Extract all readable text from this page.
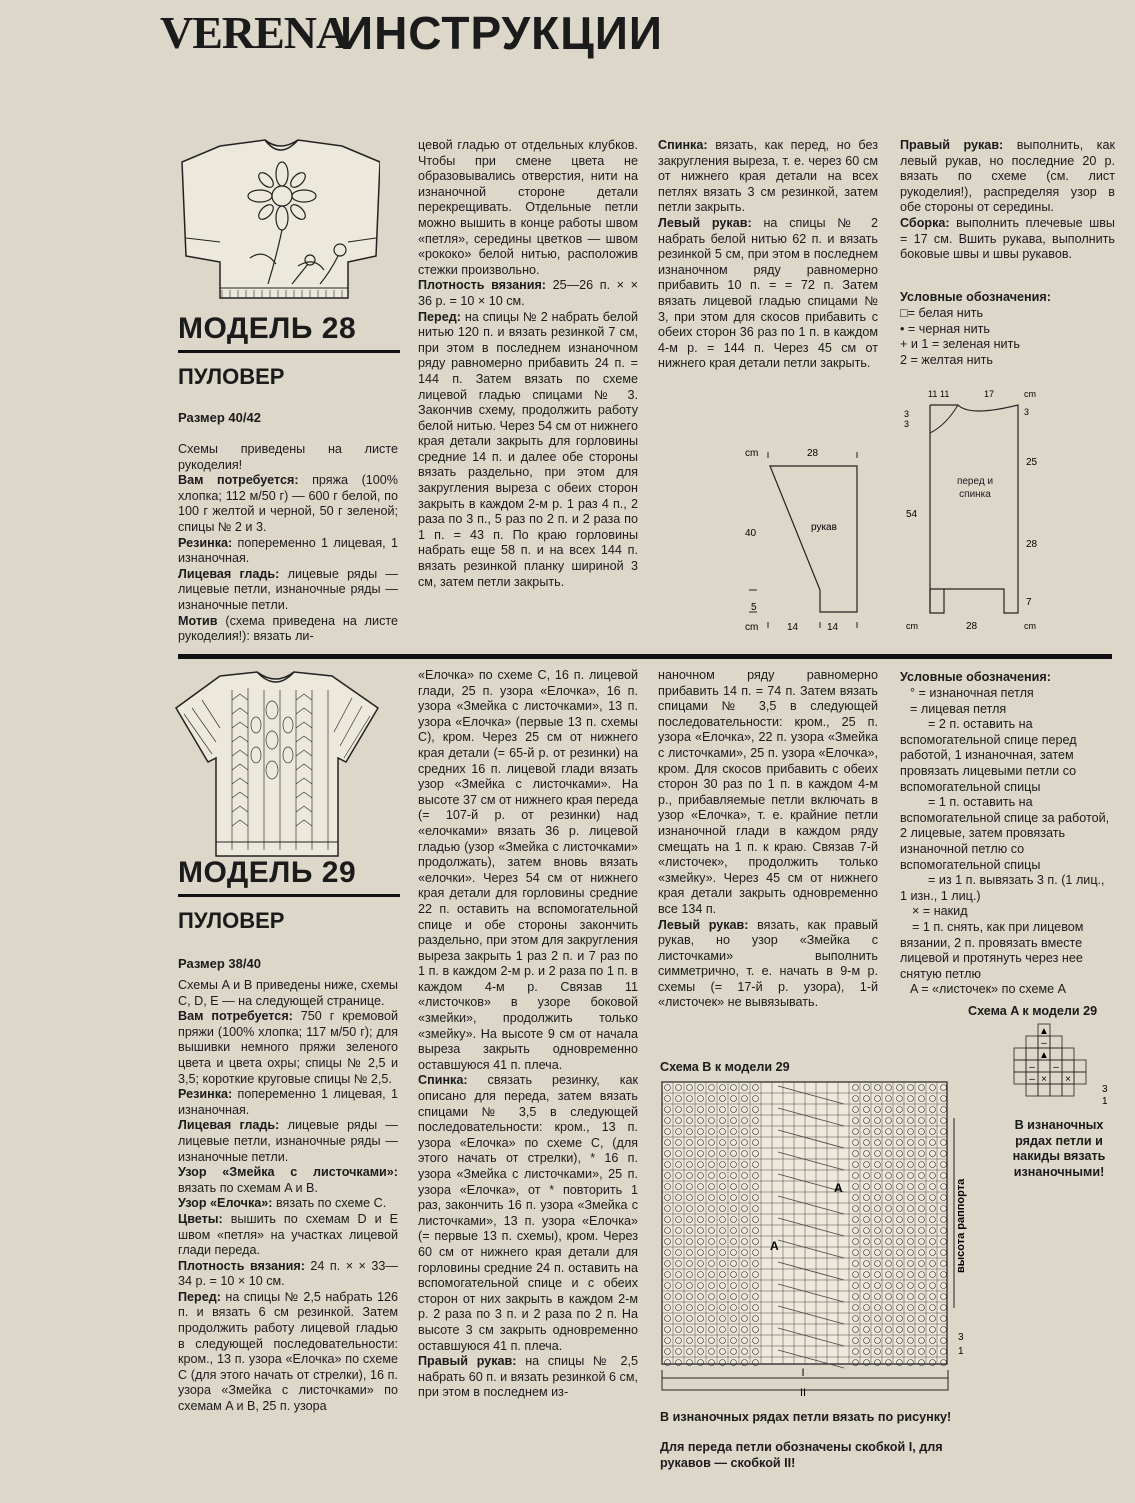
VERENA
ИНСТРУКЦИИ
МОДЕЛЬ 28
ПУЛОВЕР
Размер 40/42

Схемы приведены на листе рукоделия!

Вам потребуется: пряжа (100% хлопка; 112 м/50 г) — 600 г белой, по 100 г желтой и черной, 50 г зеленой; спицы № 2 и 3.

Резинка: попеременно 1 лицевая, 1 изнаночная.

Лицевая гладь: лицевые ряды — лицевые петли, изнаночные ряды — изнаночные петли.

Мотив (схема приведена на листе рукоделия!): вязать ли-

цевой гладью от отдельных клубков. Чтобы при смене цвета не образовывались отверстия, нити на изнаночной стороне детали перекрещивать. Отдельные петли можно вышить в конце работы швом «петля», середины цветков — швом «рококо» белой нитью, расположив стежки произвольно.

Плотность вязания: 25—26 п. × × 36 р. = 10 × 10 см.

Перед: на спицы № 2 набрать белой нитью 120 п. и вязать резинкой 7 см, при этом в последнем изнаночном ряду равномерно прибавить 24 п. = 144 п. Затем вязать по схеме лицевой гладью спицами № 3. Закончив схему, продолжить работу белой нитью. Через 54 см от нижнего края детали закрыть для горловины средние 14 п. и далее обе стороны вязать раздельно, при этом для закругления выреза с обеих сторон закрыть в каждом 2-м р. 1 раз 4 п., 2 раза по 3 п., 5 раз по 2 п. и 2 раза по 1 п. = 43 п. По краю горловины набрать еще 58 п. и на всех 144 п. вязать резинкой планку шириной 3 см, затем петли закрыть.

Спинка: вязать, как перед, но без закругления выреза, т. е. через 60 см от нижнего края детали на всех петлях вязать 3 см резинкой, затем петли закрыть.

Левый рукав: на спицы № 2 набрать белой нитью 62 п. и вязать резинкой 5 см, при этом в последнем изнаночном ряду равномерно прибавить 10 п. = = 72 п. Затем вязать лицевой гладью спицами № 3, при этом для скосов прибавить с обеих сторон 36 раз по 1 п. в каждом 4-м р. = 144 п. Через 45 см от нижнего края детали петли закрыть.

Правый рукав: выполнить, как левый рукав, но последние 20 р. вязать по схеме (см. лист рукоделия!), распределяя узор в обе стороны от середины.

Сборка: выполнить плечевые швы = 17 см. Вшить рукава, выполнить боковые швы и швы рукавов.

Условные обозначения:
□= белая нить
• = черная нить
+ и 1 = зеленая нить
2 = желтая нить
cm	28
40
рукав
5
cm	14	14
11 11	17	cm
3
3
3
25
54
28
7
перед и спинка
cm	28	cm
МОДЕЛЬ 29
ПУЛОВЕР
Размер 38/40

Схемы A и B приведены ниже, схемы C, D, E — на следующей странице.

Вам потребуется: 750 г кремовой пряжи (100% хлопка; 117 м/50 г); для вышивки немного пряжи зеленого цвета и цвета охры; спицы № 2,5 и 3,5; короткие круговые спицы № 2,5.

Резинка: попеременно 1 лицевая, 1 изнаночная.

Лицевая гладь: лицевые ряды — лицевые петли, изнаночные ряды — изнаночные петли.

Узор «Змейка с листочками»: вязать по схемам A и B.

Узор «Елочка»: вязать по схеме C.

Цветы: вышить по схемам D и E швом «петля» на участках лицевой глади переда.

Плотность вязания: 24 п. × × 33—34 р. = 10 × 10 см.

Перед: на спицы № 2,5 набрать 126 п. и вязать 6 см резинкой. Затем продолжить работу лицевой гладью в следующей последовательности: кром., 13 п. узора «Елочка» по схеме C (для этого начать от стрелки), 16 п. узора «Змейка с листочками» по схемам A и B, 25 п. узора

«Елочка» по схеме C, 16 п. лицевой глади, 25 п. узора «Елочка», 16 п. узора «Змейка с листочками», 13 п. узора «Елочка» (первые 13 п. схемы C), кром. Через 25 см от нижнего края детали (= 65-й р. от резинки) на средних 16 п. лицевой глади вязать узор «Змейка с листочками». На высоте 37 см от нижнего края переда (= 107-й р. от резинки) над «елочками» вязать 36 р. лицевой гладью (узор «Змейка с листочками» продолжать), затем вновь вязать «елочки». Через 54 см от нижнего края детали для горловины средние 22 п. оставить на вспомогательной спице и обе стороны закончить раздельно, при этом для закругления выреза закрыть 1 раз 2 п. и 7 раз по 1 п. в каждом 2-м р. и 2 раза по 1 п. в каждом 4-м р. Связав 11 «листочков» в узоре боковой «змейки», продолжить только «змейку». На высоте 9 см от начала выреза закрыть одновременно оставшуюся 41 п. плеча.

Спинка: связать резинку, как описано для переда, затем вязать спицами № 3,5 в следующей последовательности: кром., 13 п. узора «Елочка» по схеме C, (для этого начать от стрелки), * 16 п. узора «Змейка с листочками», 25 п. узора «Елочка», от * повторить 1 раз, закончить 16 п. узора «Змейка с листочками», 13 п. узора «Елочка» (= первые 13 п. схемы), кром. Через 60 см от нижнего края детали для горловины средние 24 п. оставить на вспомогательной спице и с обеих сторон от них закрыть в каждом 2-м р. 2 раза по 3 п. и 2 раза по 2 п. На высоте 3 см закрыть одновременно оставшуюся 41 п. плеча.

Правый рукав: на спицы № 2,5 набрать 60 п. и вязать резинкой 6 см, при этом в последнем из-

наночном ряду равномерно прибавить 14 п. = 74 п. Затем вязать спицами № 3,5 в следующей последовательности: кром., 25 п. узора «Елочка», 22 п. узора «Змейка с листочками», 25 п. узора «Елочка», кром. Для скосов прибавить с обеих сторон 30 раз по 1 п. в каждом 4-м р., прибавляемые петли включать в узор «Елочка», т. е. крайние петли изнаночной глади в каждом ряду смещать на 1 п. к краю. Связав 7-й «листочек», продолжить только «змейку». Через 45 см от нижнего края детали закрыть одновременно все 134 п.

Левый рукав: вязать, как правый рукав, но узор «Змейка с листочками» выполнить симметрично, т. е. начать в 9-м р. схемы (= 17-й р. узора), 1-й «листочек» не вывязывать.

Условные обозначения:
° = изнаночная петля
= лицевая петля
= 2 п. оставить на вспомогательной спице перед работой, 1 изнаночная, затем провязать лицевыми петли со вспомогательной спицы
= 1 п. оставить на вспомогательной спице за работой, 2 лицевые, затем провязать изнаночной петлю со вспомогательной спицы
= из 1 п. вывязать 3 п. (1 лиц., 1 изн., 1 лиц.)
× = накид
= 1 п. снять, как при лицевом вязании, 2 п. провязать вместе лицевой и протянуть через нее снятую петлю
A = «листочек» по схеме A
Схема A к модели 29
▲
–
▲
– –
× ×
–
3
1
В изнаночных рядах петли и накиды вязать изнаночными!
Схема B к модели 29
A
A
I
II
3
1
высота раппорта
В изнаночных рядах петли вязать по рисунку!
Для переда петли обозначены скобкой I, для рукавов — скобкой II!
